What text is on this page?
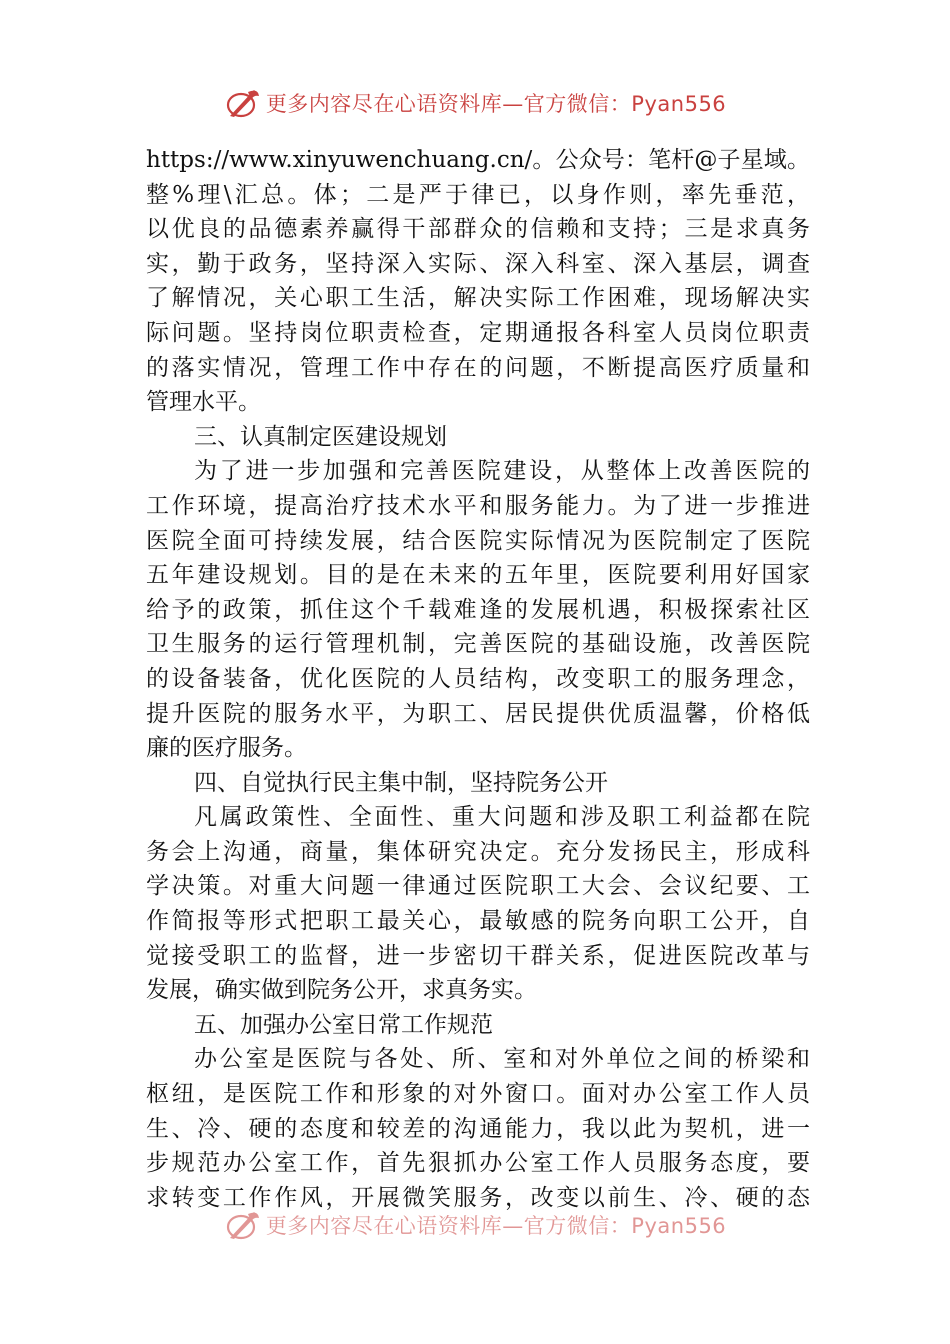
更多内容尽在心语资料库—官方微信：Pyan556
https://www.xinyuwenchuang.cn/。公众号：笔杆@子星域。
整%理\汇总。体；二是严于律已，以身作则，率先垂范，
以优良的品德素养赢得干部群众的信赖和支持；三是求真务
实，勤于政务，坚持深入实际、深入科室、深入基层，调查
了解情况，关心职工生活，解决实际工作困难，现场解决实
际问题。坚持岗位职责检查，定期通报各科室人员岗位职责
的落实情况，管理工作中存在的问题，不断提高医疗质量和
管理水平。
三、认真制定医建设规划
为了进一步加强和完善医院建设，从整体上改善医院的
工作环境，提高治疗技术水平和服务能力。为了进一步推进
医院全面可持续发展，结合医院实际情况为医院制定了医院
五年建设规划。目的是在未来的五年里，医院要利用好国家
给予的政策，抓住这个千载难逢的发展机遇，积极探索社区
卫生服务的运行管理机制，完善医院的基础设施，改善医院
的设备装备，优化医院的人员结构，改变职工的服务理念，
提升医院的服务水平，为职工、居民提供优质温馨，价格低
廉的医疗服务。
四、自觉执行民主集中制，坚持院务公开
凡属政策性、全面性、重大问题和涉及职工利益都在院
务会上沟通，商量，集体研究决定。充分发扬民主，形成科
学决策。对重大问题一律通过医院职工大会、会议纪要、工
作简报等形式把职工最关心，最敏感的院务向职工公开，自
觉接受职工的监督，进一步密切干群关系，促进医院改革与
发展，确实做到院务公开，求真务实。
五、加强办公室日常工作规范
办公室是医院与各处、所、室和对外单位之间的桥梁和
枢纽，是医院工作和形象的对外窗口。面对办公室工作人员
生、冷、硬的态度和较差的沟通能力，我以此为契机，进一
步规范办公室工作，首先狠抓办公室工作人员服务态度，要
求转变工作作风，开展微笑服务，改变以前生、冷、硬的态
更多内容尽在心语资料库—官方微信：Pyan556
